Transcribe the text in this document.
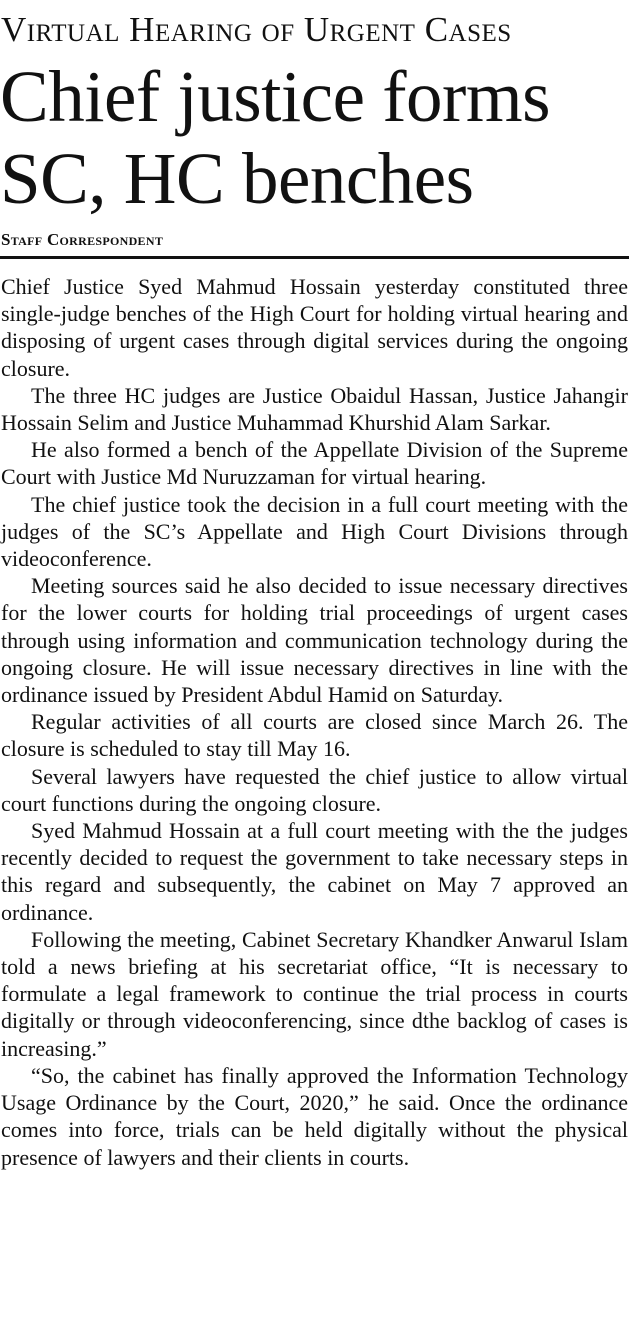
Virtual Hearing of Urgent Cases
Chief justice forms
SC, HC benches
Staff Correspondent

Chief Justice Syed Mahmud Hossain yesterday constituted three single-judge benches of the High Court for holding virtual hearing and disposing of urgent cases through digital services during the ongoing closure.

The three HC judges are Justice Obaidul Hassan, Justice Jahangir Hossain Selim and Justice Muhammad Khurshid Alam Sarkar.

He also formed a bench of the Appellate Division of the Supreme Court with Justice Md Nuruzzaman for virtual hearing.

The chief justice took the decision in a full court meeting with the judges of the SC’s Appellate and High Court Divisions through videoconference.

Meeting sources said he also decided to issue necessary directives for the lower courts for holding trial proceedings of urgent cases through using information and communication technology during the ongoing closure. He will issue necessary directives in line with the ordinance issued by President Abdul Hamid on Saturday.

Regular activities of all courts are closed since March 26. The closure is scheduled to stay till May 16.

Several lawyers have requested the chief justice to allow virtual court functions during the ongoing closure.

Syed Mahmud Hossain at a full court meeting with the the judges recently decided to request the government to take necessary steps in this regard and subsequently, the cabinet on May 7 approved an ordinance.

Following the meeting, Cabinet Secretary Khandker Anwarul Islam told a news briefing at his secretariat office, “It is necessary to formulate a legal framework to continue the trial process in courts digitally or through videoconferencing, since dthe backlog of cases is increasing.”

“So, the cabinet has finally approved the Information Technology Usage Ordinance by the Court, 2020,” he said. Once the ordinance comes into force, trials can be held digitally without the physical presence of lawyers and their clients in courts.
